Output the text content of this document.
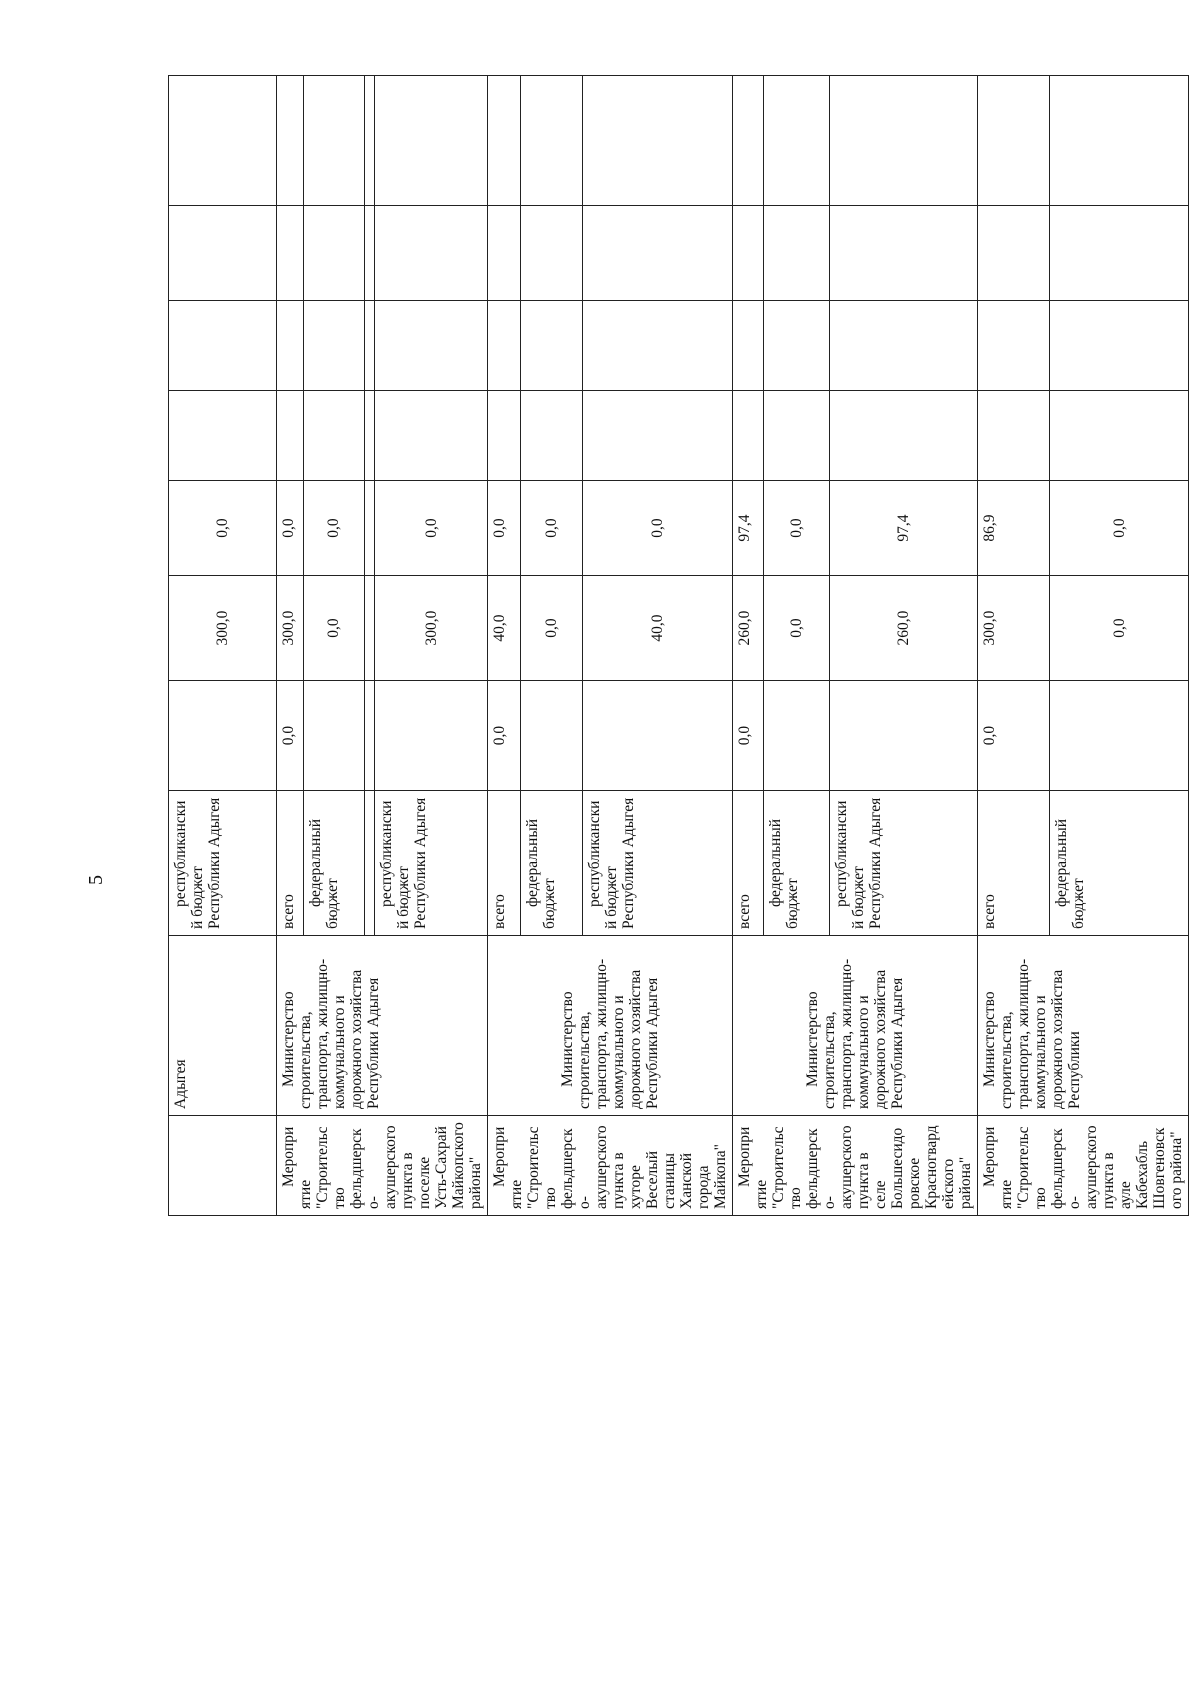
5
	Адыгея	республиканский бюджет Республики Адыгея		300,0	0,0				
Мероприятие "Строительство фельдшерско-акушерского пункта в поселке Усть-Сахрай Майкопского района"	Министерство строительства, транспорта, жилищно-коммунального и дорожного хозяйства Республики Адыгея	всего	0,0	300,0	0,0				
		федеральный бюджет		0,0	0,0				

		республиканский бюджет Республики Адыгея		300,0	0,0				
Мероприятие "Строительство фельдшерско-акушерского пункта в хуторе Веселый станицы Ханской города Майкопа"	Министерство строительства, транспорта, жилищно-коммунального и дорожного хозяйства Республики Адыгея	всего	0,0	40,0	0,0				
		федеральный бюджет		0,0	0,0				
		республиканский бюджет Республики Адыгея		40,0	0,0				
Мероприятие "Строительство фельдшерско-акушерского пункта в селе Большесидоровское Красногвардейского района"	Министерство строительства, транспорта, жилищно-коммунального и дорожного хозяйства Республики Адыгея	всего	0,0	260,0	97,4				
		федеральный бюджет		0,0	0,0				
		республиканский бюджет Республики Адыгея		260,0	97,4				
Мероприятие "Строительство фельдшерско-акушерского пункта в ауле Кабехабль Шовгеновского района"	Министерство строительства, транспорта, жилищно-коммунального и дорожного хозяйства Республики	всего	0,0	300,0	86,9				
		федеральный бюджет		0,0	0,0				
